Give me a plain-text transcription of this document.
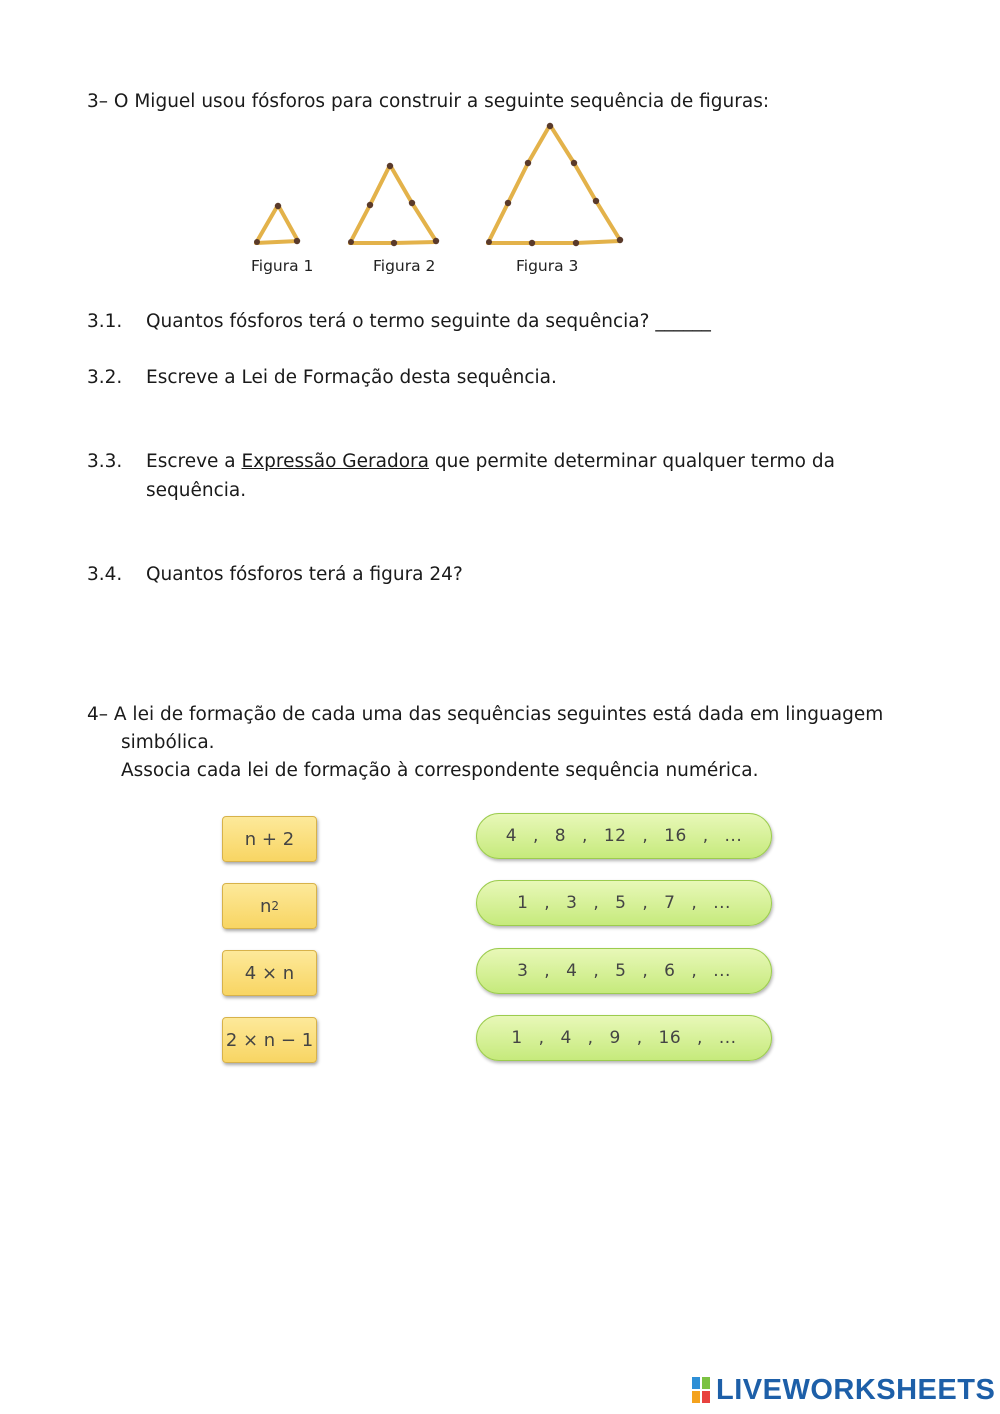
3– O Miguel usou fósforos para construir a seguinte sequência de figuras:
Figura 1	Figura 2	Figura 3
3.1. Quantos fósforos terá o termo seguinte da sequência? ______
3.2. Escreve a Lei de Formação desta sequência.
3.3. Escreve a Expressão Geradora que permite determinar qualquer termo da
sequência.
3.4. Quantos fósforos terá a figura 24?
4– A lei de formação de cada uma das sequências seguintes está dada em linguagem
simbólica.
Associa cada lei de formação à correspondente sequência numérica.
n + 2
n 2
4 × n
2 × n − 1
4 , 8 , 12 , 16 , ...
1 , 3 , 5 , 7 , ...
3 , 4 , 5 , 6 , ...
1 , 4 , 9 , 16 , ...
LIVEWORKSHEETS
